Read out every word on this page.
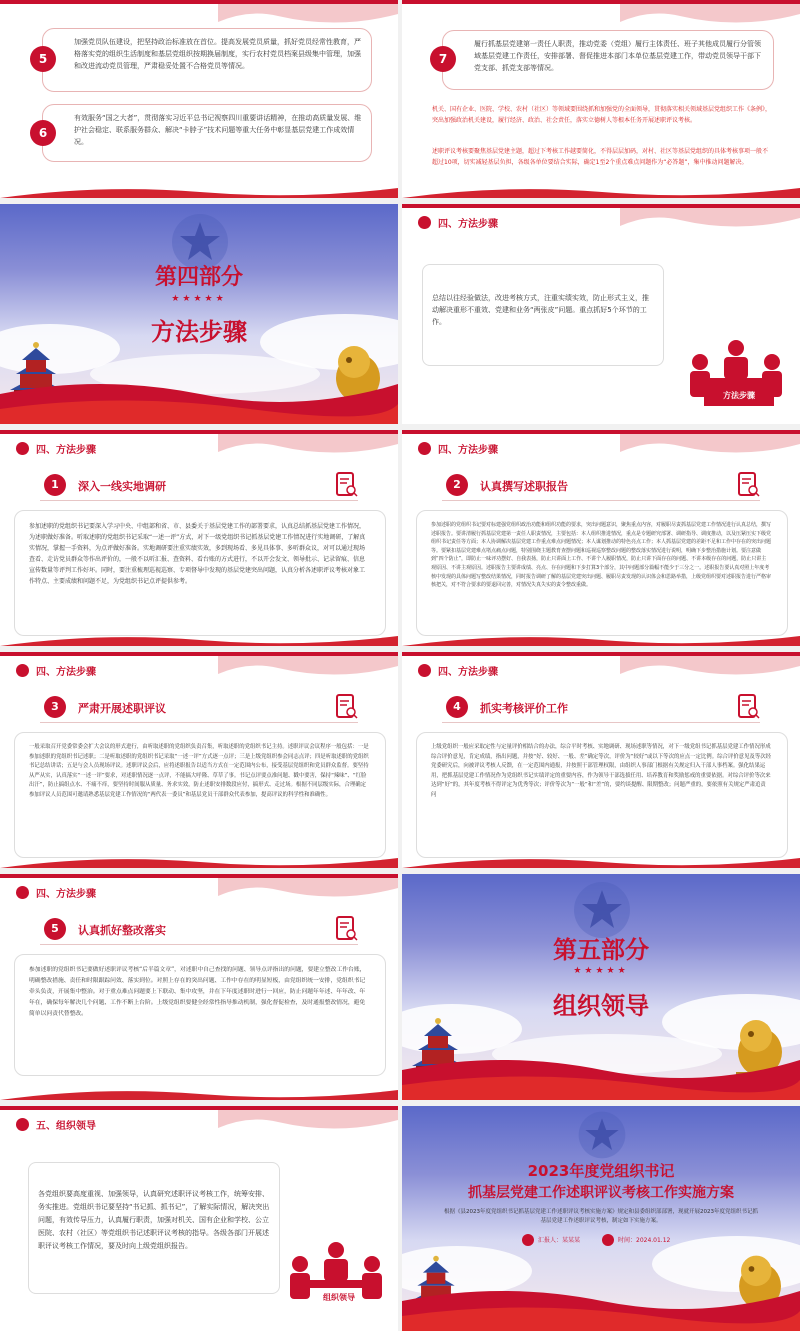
5
加强党员队伍建设，把坚持政治标准放在首位。提高发展党员质量，抓好党员经常性教育，严格落实党的组织生活制度和基层党组织按期换届制度，实行农村党员档案县级集中管理，加强和改进流动党员管理，严肃稳妥处置不合格党员等情况。
6
有效服务“国之大者”，贯彻落实习近平总书记视察四川重要讲话精神，在推动高质量发展、维护社会稳定、联系服务群众、解决“卡脖子”技术问题等重大任务中彰显基层党建工作成效情况。
7
履行抓基层党建第一责任人职责，推动党委（党组）履行主体责任、班子其他成员履行分管领域基层党建工作责任，安排部署、督促推进本部门本单位基层党建工作，带动党员领导干部下党支部、抓党支部等情况。
机关、国有企业、医院、学校、农村（社区）等领域要围绕抓和加强党的全面领导，贯彻落实相关领域基层党组织工作《条例》，突出加强政治机关建设，履行经济、政治、社会责任，落实立德树人等根本任务开展述职评议考核。
述职评议考核要聚焦基层党建主题，超过下考核工作越要简化，不得层层加码，对村、社区等基层党组织的具体考核事项一般不超过10项，切实减轻基层负担，各级各单位要结合实际，确定1至2个重点难点问题作为“必答题”，集中推动问题解决。
第四部分
★★★★★
方法步骤
四、方法步骤
总结以往经验做法，改进考核方式，注重实绩实效，防止形式主义，推动解决重形不重效、党建和业务“两张皮”问题。重点抓好5个环节的工作。
方法步骤
四、方法步骤
1	深入一线实地调研
参加述职的党组织书记要深入学习中央、中组部和省、市、县委关于基层党建工作的部署要求，认真总结抓基层党建工作情况，为述职做好准备。听取述职的党组织书记采取“一述一评”方式，对下一级党组织书记抓基层党建工作情况进行实地调研，了解真实情况，掌握一手资料，为点评做好准备。实地调研要注重实绩实效，多到现场看、多见具体事、多听群众议，对可以通过现场查看、走访党员群众等作出评价的，一般不以听汇报、查资料、看台账的方式进行，不以开会发文、领导批示、记录留痕、信息宣传数量等评判工作好坏。同时，要注重梳理巡视巡察、专项督导中发现的基层党建突出问题，认真分析各述职评议考核对象工作特点、主要成绩和问题不足，为党组织书记点评提供参考。
四、方法步骤
2	认真撰写述职报告
参加述职的党组织书记要对标建强党组织政治功能和组织功能的要求，突出问题意识，聚焦重点内容，对履职尽责抓基层党建工作情况进行认真总结，撰写述职报告。要讲清履行抓基层党建第一责任人职责情况，主要包括：本人组织推进情况，重点是专题研究部署、调研指导、调度推动，以及压紧压实下级党组织书记责任等方面；本人协调解决基层党建工作重点难点问题情况；本人谋划推动的特色亮点工作；本人抓基层党建的差距不足和工作中存在的突出问题等。要紧扣基层党建难点堵点痛点问题，特别围绕主题教育查摆问题和巡视巡察整改问题的整改落实情况进行说明，明确下步整治措施计划。要注意做到“四个防止”，即防止一味评功摆好、自我表扬，防止只讲面上工作、不讲个人履职情况，防止只讲下面存在的问题、不讲本级存在的问题，防止只讲主观原因、不讲主观原因。述职报告主要讲成绩、亮点、存在问题和下步打算3个部分，其中问题部分篇幅不能少于三分之一。述职报告要认真对照上年度考核中发现的具体问题写整改结果情况，同时报告调研了解的基层党建突出问题、履职尽责发现的认识体会和思路举措，上级党组织要对述职报告进行严格审核把关，对不符合要求的要退回完善，对情况失真失实的责令整改重做。
四、方法步骤
3	严肃开展述职评议
一般采取召开党委常委会扩大会议的形式进行，由听取述职的党组织负责召集，听取述职的党组织书记主持。述职评议会议程序一般包括：一是参加述职的党组织书记述职；二是听取述职的党组织书记采取“一述一评”方式逐一点评；三是上级党组织参会同志点评；四是听取述职的党组织书记总结讲话；五是与会人员现场评议。述职评议会后，应将述职报告以适当方式在一定范围内公布，接受基层党组织和党员群众监督。要坚持从严从实，认真落实“一述一评”要求，对述职情况逐一点评，不能搞大呼隆、草草了事。书记点评要点准问题、戳中要害，保持“辣味”、“红脸出汗”，防止搞组点水、不痛不痒，要坚持时间服从质量、务求实效，防止述职安排数段应付，搞形式、走过场。根据不同层级实际，合理确定参加评议人员范围可邀请熟悉基层党建工作情况的“两代表一委员”和基层党员干部群众代表参加，提高评议的科学性和准确性。
四、方法步骤
4	抓实考核评价工作
上级党组织一般应采取定性与定量评价相结合的办法，综合平时考核、实地调研、现场述职等情况，对下一级党组书记抓基层党建工作情况形成综合评价意见，肯定成绩，指出问题，并按“好、较好、一般、差”确定等次，评价为“较好”或以下等次的应点一定比例。综合评价意见及等次经党委研究后，向被评议考核人反馈，在一定范围内通报，并按照干部管理权限，由组织人事部门根据有关规定归入干部人事档案。强化结果运用，把抓基层党建工作情况作为党组织书记实绩评定的重要内容，作为领导干部选拔任用、培养教育和奖励惩戒的重要依据。对综合评价等次来达到“好”的，其年度考核不得评定为优秀等次；评价等次为“一般”和“差”的，要约谈提醒、限期整改；问题严重的，要依照有关规定严肃追责问
四、方法步骤
5	认真抓好整改落实
参加述职的党组织书记要做好述职评议考核“后半篇文章”，对述职中自己查找的问题、领导点评指出的问题，要建立整改工作台账，明确整改措施、责任和时限跟踪问效、落实到位。对照上存在的突出问题、工作中存在的明显短板，由党组织统一安排，党组织书记牵头负责，开展集中整治。对于重点难点问题要上下联动、集中攻坚，并在下年度述职时进行一回应，防止问题年年述、年年改、年年在，确保每年解决几个问题、工作不断上台阶。上级党组织要健全经常性指导推动机制，强化督促检查，及时通报整改情况，避免简单以问责代替整改。
第五部分
★★★★★
组织领导
五、组织领导
各党组织要高度重视、加强领导，认真研究述职评议考核工作，统筹安排、务实推进。党组织书记要坚持“书记抓、抓书记”，了解实际情况，解决突出问题，有效传导压力，认真履行职责，加强对机关、国有企业和学校、公立医院、农村（社区）等党组织书记述职评议考核的指导。各级各部门开展述职评议考核工作情况，要及时向上级党组织报告。
组织领导
2023年度党组织书记
抓基层党建工作述职评议考核工作实施方案
根据《县2023年度党组织书记抓基层党建工作述职评议考核实施方案》规定和县委组织部部署，现就开展2023年度党组织书记抓基层党建工作述职评议考核，制定如下实施方案。
汇报人：某某某	时间：2024.01.12
